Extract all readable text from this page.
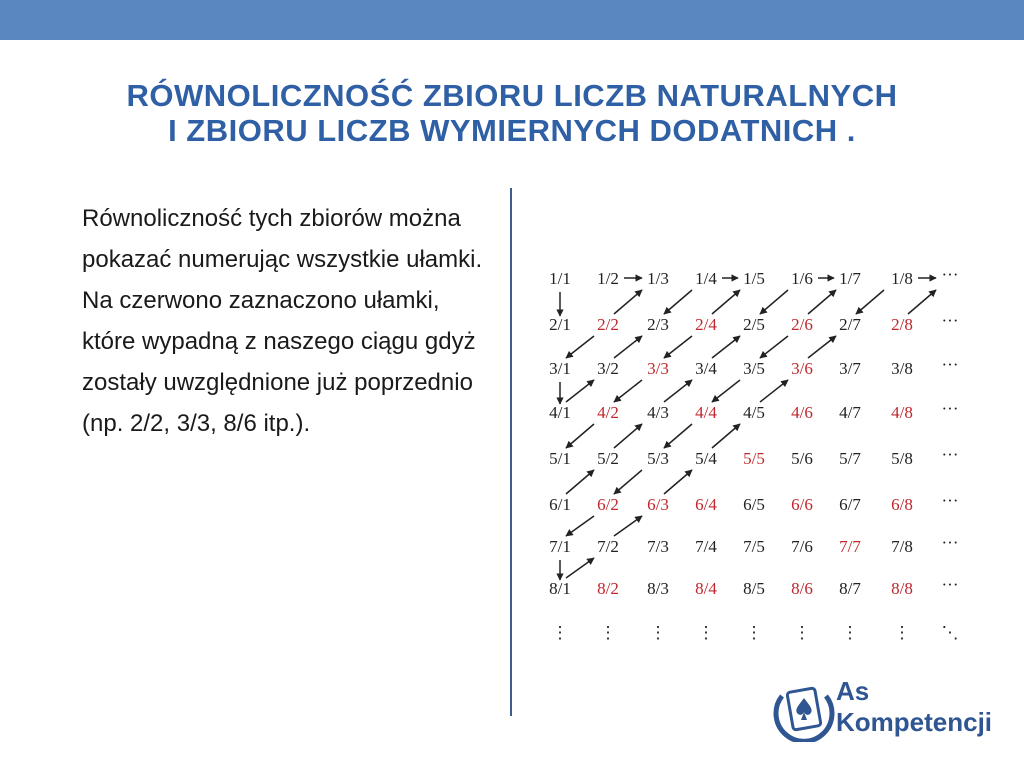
RÓWNOLICZNOŚĆ ZBIORU LICZB NATURALNYCH
I ZBIORU LICZB WYMIERNYCH DODATNICH .
Równoliczność tych zbiorów można pokazać numerując wszystkie ułamki. Na czerwono zaznaczono ułamki, które wypadną z naszego ciągu gdyż zostały uwzględnione już poprzednio (np. 2/2, 3/3, 8/6 itp.).
1/1 1/2 1/3 1/4 1/5 1/6 1/7 1/8 ···
2/1 2/2 2/3 2/4 2/5 2/6 2/7 2/8 ···
3/1 3/2 3/3 3/4 3/5 3/6 3/7 3/8 ···
4/1 4/2 4/3 4/4 4/5 4/6 4/7 4/8 ···
5/1 5/2 5/3 5/4 5/5 5/6 5/7 5/8 ···
6/1 6/2 6/3 6/4 6/5 6/6 6/7 6/8 ···
7/1 7/2 7/3 7/4 7/5 7/6 7/7 7/8 ···
8/1 8/2 8/3 8/4 8/5 8/6 8/7 8/8 ···
⋮ ⋮ ⋮ ⋮ ⋮ ⋮ ⋮ ⋮ ⋱
As
Kompetencji
